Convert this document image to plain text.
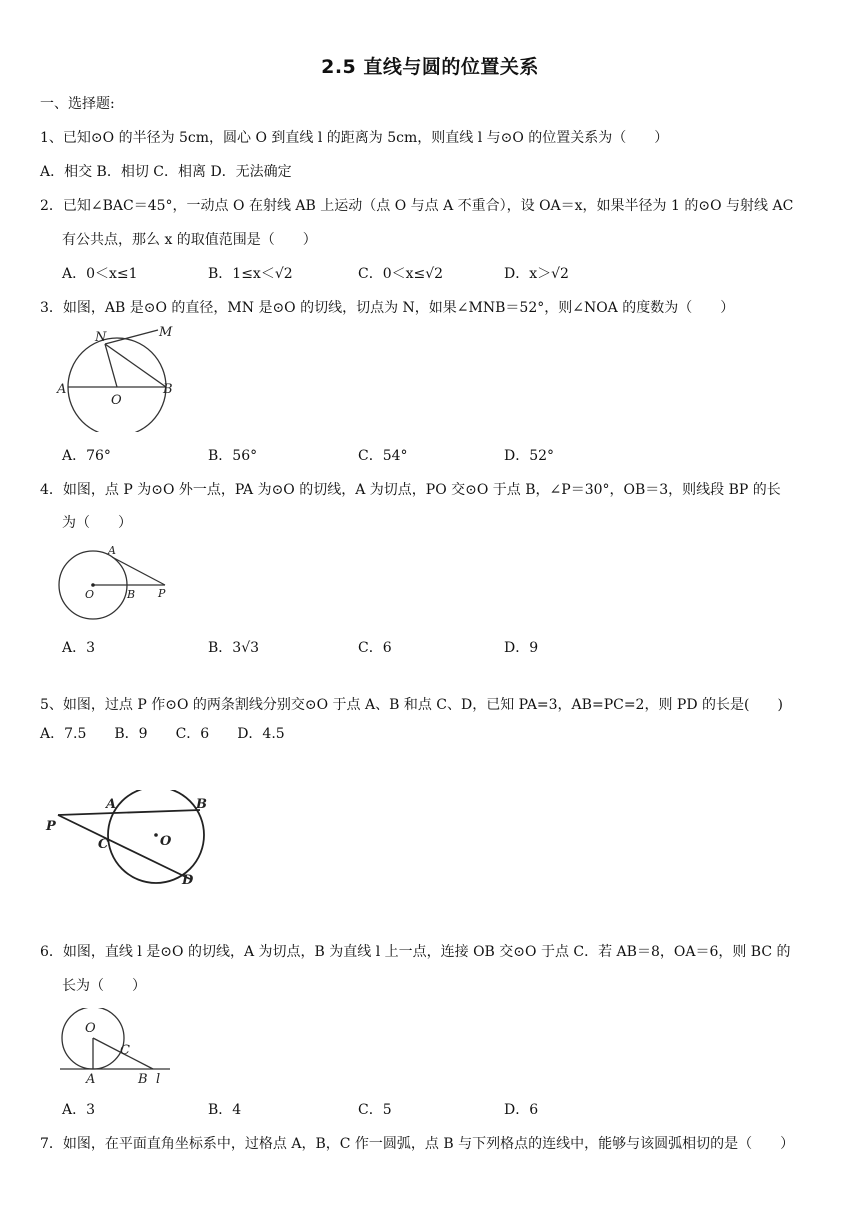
2.5 直线与圆的位置关系
一、选择题:
1、已知⊙O 的半径为 5cm，圆心 O 到直线 l 的距离为 5cm，则直线 l 与⊙O 的位置关系为（　　）
A．相交 B．相切 C．相离 D．无法确定
2．已知∠BAC＝45°，一动点 O 在射线 AB 上运动（点 O 与点 A 不重合），设 OA＝x，如果半径为 1 的⊙O 与射线 AC
有公共点，那么 x 的取值范围是（　　）
A．0＜x≤1	B．1≤x＜√2	C．0＜x≤√2	D．x＞√2
3．如图，AB 是⊙O 的直径，MN 是⊙O 的切线，切点为 N，如果∠MNB＝52°，则∠NOA 的度数为（　　）
N	M
A
O
B
A．76°	B．56°	C．54°	D．52°
4．如图，点 P 为⊙O 外一点，PA 为⊙O 的切线，A 为切点，PO 交⊙O 于点 B，∠P＝30°，OB＝3，则线段 BP 的长
为（　　）
A
O	B P
A．3	B．3√3	C．6	D．9
5、如图，过点 P 作⊙O 的两条割线分别交⊙O 于点 A、B 和点 C、D，已知 PA=3，AB=PC=2，则 PD 的长是(　　)
A．7.5　　B．9　　C．6　　D．4.5
A	B
P
C	O
D
6．如图，直线 l 是⊙O 的切线，A 为切点，B 为直线 l 上一点，连接 OB 交⊙O 于点 C．若 AB＝8，OA＝6，则 BC 的
长为（　　）
O
C
A	B l
A．3	B．4	C．5	D．6
7．如图，在平面直角坐标系中，过格点 A，B，C 作一圆弧，点 B 与下列格点的连线中，能够与该圆弧相切的是（　　）
